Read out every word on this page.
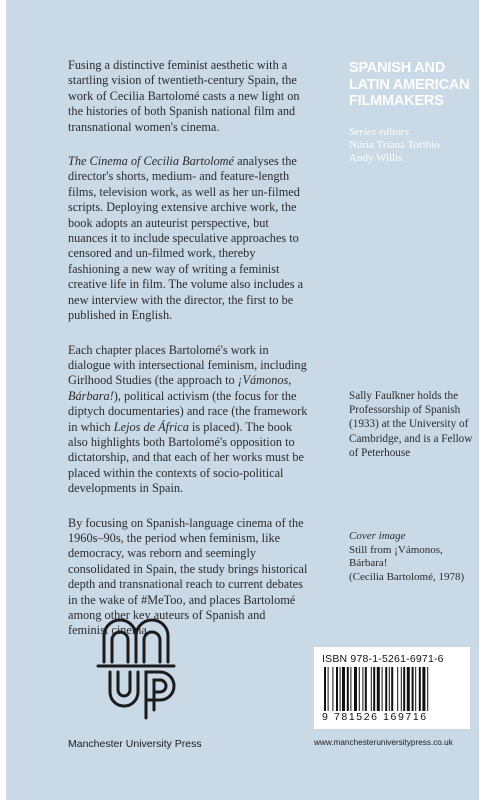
Fusing a distinctive feminist aesthetic with a startling vision of twentieth-century Spain, the work of Cecilia Bartolomé casts a new light on the histories of both Spanish national film and transnational women's cinema.

The Cinema of Cecilia Bartolomé analyses the director's shorts, medium- and feature-length films, television work, as well as her un-filmed scripts. Deploying extensive archive work, the book adopts an auteurist perspective, but nuances it to include speculative approaches to censored and un-filmed work, thereby fashioning a new way of writing a feminist creative life in film. The volume also includes a new interview with the director, the first to be published in English.

Each chapter places Bartolomé's work in dialogue with intersectional feminism, including Girlhood Studies (the approach to ¡Vámonos, Bárbara!), political activism (the focus for the diptych documentaries) and race (the framework in which Lejos de África is placed). The book also highlights both Bartolomé's opposition to dictatorship, and that each of her works must be placed within the contexts of socio-political developments in Spain.

By focusing on Spanish-language cinema of the 1960s–90s, the period when feminism, like democracy, was reborn and seemingly consolidated in Spain, the study brings historical depth and transnational reach to current debates in the wake of #MeToo, and places Bartolomé among other key auteurs of Spanish and feminist cinema.

SPANISH AND LATIN AMERICAN FILMMAKERS
Series editors
Núria Triana Toribio
Andy Willis
Sally Faulkner holds the Professorship of Spanish (1933) at the University of Cambridge, and is a Fellow of Peterhouse
Cover image
Still from ¡Vámonos, Bárbara!
(Cecilia Bartolomé, 1978)
Manchester University Press
ISBN 978-1-5261-6971-6
9 781526 169716
www.manchesteruniversitypress.co.uk
